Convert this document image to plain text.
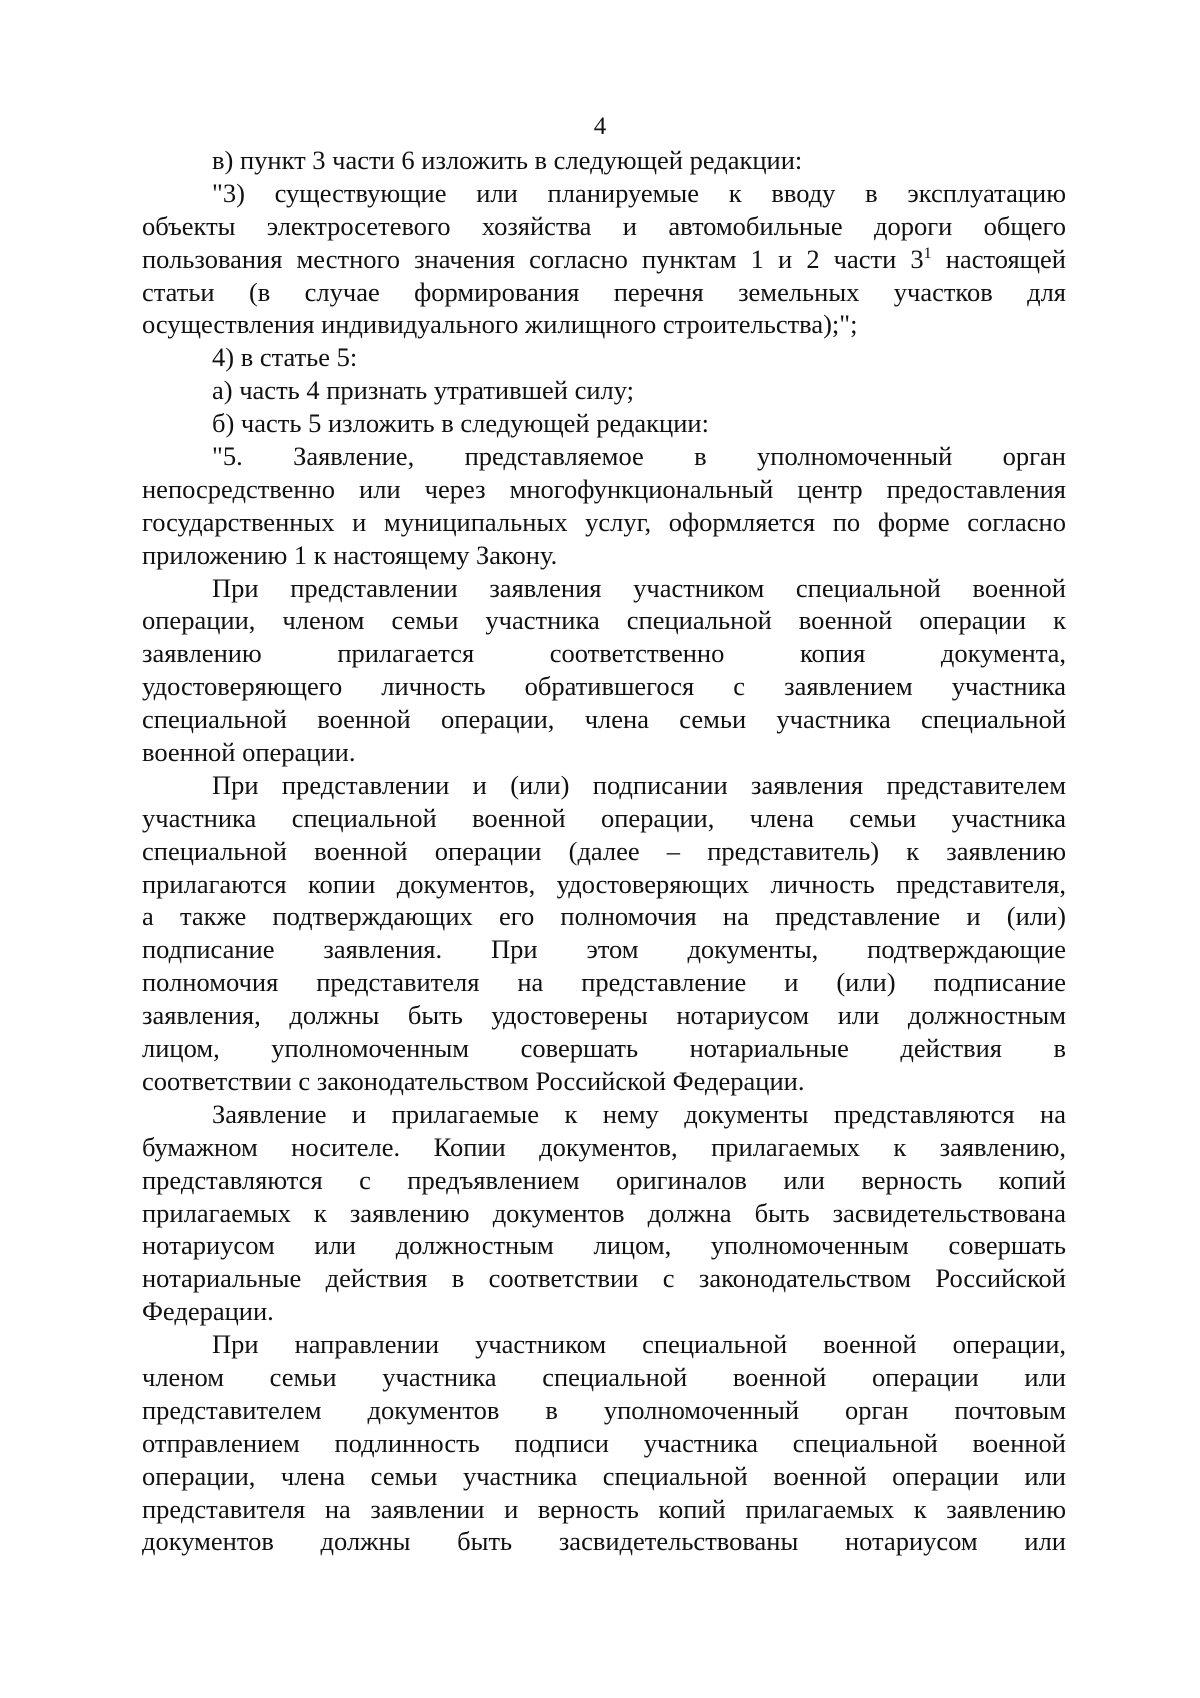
4
в) пункт 3 части 6 изложить в следующей редакции:
"3) существующие или планируемые к вводу в эксплуатацию
объекты электросетевого хозяйства и автомобильные дороги общего
пользования местного значения согласно пунктам 1 и 2 части $3^1$ настоящей
статьи (в случае формирования перечня земельных участков для
осуществления индивидуального жилищного строительства);";
4) в статье 5:
а) часть 4 признать утратившей силу;
б) часть 5 изложить в следующей редакции:
"5. Заявление, представляемое в уполномоченный орган
непосредственно или через многофункциональный центр предоставления
государственных и муниципальных услуг, оформляется по форме согласно
приложению 1 к настоящему Закону.
При представлении заявления участником специальной военной
операции, членом семьи участника специальной военной операции к
заявлению прилагается соответственно копия документа,
удостоверяющего личность обратившегося с заявлением участника
специальной военной операции, члена семьи участника специальной
военной операции.
При представлении и (или) подписании заявления представителем
участника специальной военной операции, члена семьи участника
специальной военной операции (далее – представитель) к заявлению
прилагаются копии документов, удостоверяющих личность представителя,
а также подтверждающих его полномочия на представление и (или)
подписание заявления. При этом документы, подтверждающие
полномочия представителя на представление и (или) подписание
заявления, должны быть удостоверены нотариусом или должностным
лицом, уполномоченным совершать нотариальные действия в
соответствии с законодательством Российской Федерации.
Заявление и прилагаемые к нему документы представляются на
бумажном носителе. Копии документов, прилагаемых к заявлению,
представляются с предъявлением оригиналов или верность копий
прилагаемых к заявлению документов должна быть засвидетельствована
нотариусом или должностным лицом, уполномоченным совершать
нотариальные действия в соответствии с законодательством Российской
Федерации.
При направлении участником специальной военной операции,
членом семьи участника специальной военной операции или
представителем документов в уполномоченный орган почтовым
отправлением подлинность подписи участника специальной военной
операции, члена семьи участника специальной военной операции или
представителя на заявлении и верность копий прилагаемых к заявлению
документов должны быть засвидетельствованы нотариусом или
